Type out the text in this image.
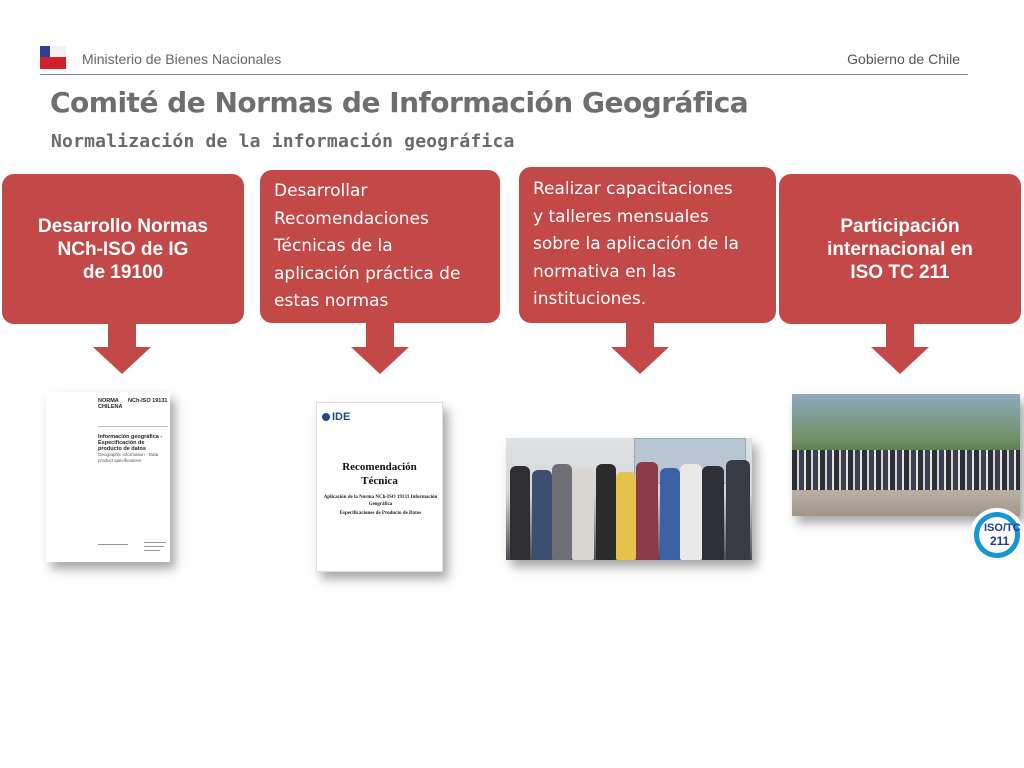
Ministerio de Bienes Nacionales	Gobierno de Chile
Comité de Normas de Información Geográfica
Normalización de la información geográfica
Desarrollo Normas
NCh-ISO de IG
de 19100
Desarrollar
Recomendaciones
Técnicas de la
aplicación práctica de
estas normas
Realizar capacitaciones
y talleres mensuales
sobre la aplicación de la
normativa en las
instituciones.
Participación
internacional en
ISO TC 211
NORMA
CHILENA
NCh-ISO 19131
Información geográfica - Especificación de producto de datos
Geographic information - Data product specifications
IDE
Recomendación
Técnica
Aplicación de la Norma NCh-ISO 19131 Información Geográfica
Especificaciones de Producto de Datos
ISO/TC
211
